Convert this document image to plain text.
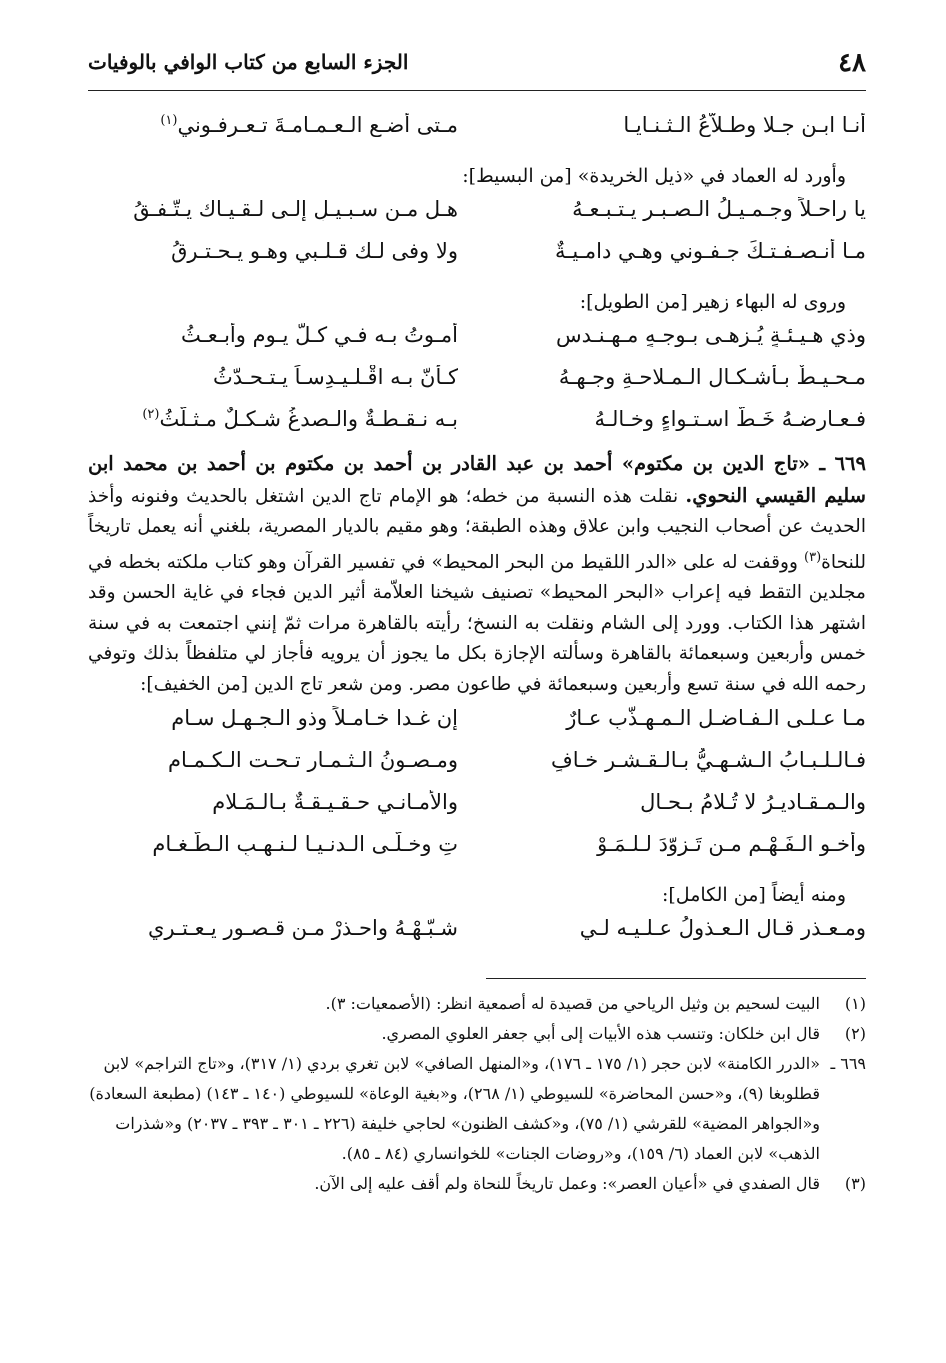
٤٨
الجزء السابع من كتاب الوافي بالوفيات
أنـا ابـن جـلا وطـلاَّعُ الـثـنـايـا
مـتى أضـعِ الـعـمـامـةَ تـعـرفـوني$^{(١)}$
وأورد له العماد في «ذيل الخريدة» [من البسيط]:
يا راحـلاً وجـمـيـلُ الـصـبـرِ يـتـبـعـهُ
هـل مـن سـبـيـلٍ إلـى لـقـيـاك يـتّـفـقُ
مـا أنـصـفـتـكَ جـفـوني وهـي دامـيـةٌ
ولا وفى لـك قـلـبي وهـو يـحـتـرقُ
وروى له البهاء زهير [من الطويل]:
وذي هـيـئـةٍ يُـزهـى بـوجـهٍ مـهـنـدسٍ
أمـوتُ بـه فـي كـلّ يـوم وأبـعـثُ
مـحـيـطٌ بـأشـكـالِ الـمـلاحـةِ وجـهـهُ
كـأنّ بـه اقْـلـيـدِسـاً يـتـحـدّثُ
فـعـارضـهُ خَـطُّ اسـتـواءٍ وخـالـهُ
بـه نـقـطـةٌ والـصدغُ شـكـلٌ مـثـلّثُ$^{(٢)}$

٦٦٩ ـ «تاج الدين بن مكتوم» أحمد بن عبد القادر بن أحمد بن مكتوم بن أحمد بن محمد ابن سليم القيسي النحوي. نقلت هذه النسبة من خطه؛ هو الإمام تاج الدين اشتغل بالحديث وفنونه وأخذ الحديث عن أصحاب النجيب وابن علاق وهذه الطبقة؛ وهو مقيم بالديار المصرية، بلغني أنه يعمل تاريخاً للنحاة$^{(٣)}$ ووقفت له على «الدر اللقيط من البحر المحيط» في تفسير القرآن وهو كتاب ملكته بخطه في مجلدين التقط فيه إعراب «البحر المحيط» تصنيف شيخنا العلاّمة أثير الدين فجاء في غاية الحسن وقد اشتهر هذا الكتاب. وورد إلى الشام ونقلت به النسخ؛ رأيته بالقاهرة مرات ثمّ إنني اجتمعت به في سنة خمس وأربعين وسبعمائة بالقاهرة وسألته الإجازة بكل ما يجوز أن يرويه فأجاز لي متلفظاً بذلك وتوفي رحمه الله في سنة تسع وأربعين وسبعمائة في طاعون مصر. ومن شعر تاج الدين [من الخفيف]:

مـا عـلـى الـفـاضـلِ الـمـهـذّبِ عـارٌ
إن غـدا خـامـلاً وذو الـجـهـلِ سـامِ
فـالـلـبـابُ الـشـهـيُّ بـالـقـشـرِ خـافٍ
ومـصـونُ الـثـمـارِ تـحـت الـكـمـامِ
والـمـقـاديـرُ لا تُـلامُ بـحـالٍ
والأمـانـي حـقـيـقـةٌ بـالـمَـلامِ
وأخـو الـفَـهْـم مـن تَـزوّدَ لـلـمَـوْ
تِ وخـلّـى الـدنـيـا لـنـهـبِ الـطّـغـامِ
ومنه أيضاً [من الكامل]:
ومـعـذرٍ قـال الـعـذولُ عـلـيـه لـي
شـبّـهْـهُ واحـذرْ مـن قـصـورٍ يـعـتـري
(١)
البيت لسحيم بن وثيل الرياحي من قصيدة له أصمعية انظر: (الأصمعيات: ٣).
(٢)
قال ابن خلكان: وتنسب هذه الأبيات إلى أبي جعفر العلوي المصري.
٦٦٩ ـ
«الدرر الكامنة» لابن حجر (١/ ١٧٥ ـ ١٧٦)، و«المنهل الصافي» لابن تغري بردي (١/ ٣١٧)، و«تاج التراجم» لابن قطلوبغا (٩)، و«حسن المحاضرة» للسيوطي (١/ ٢٦٨)، و«بغية الوعاة» للسيوطي (١٤٠ ـ ١٤٣) (مطبعة السعادة) و«الجواهر المضية» للقرشي (١/ ٧٥)، و«كشف الظنون» لحاجي خليفة (٢٢٦ ـ ٣٠١ ـ ٣٩٣ ـ ٢٠٣٧) و«شذرات الذهب» لابن العماد (٦/ ١٥٩)، و«روضات الجنات» للخوانساري (٨٤ ـ ٨٥).
(٣)
قال الصفدي في «أعيان العصر»: وعمل تاريخاً للنحاة ولم أقف عليه إلى الآن.
